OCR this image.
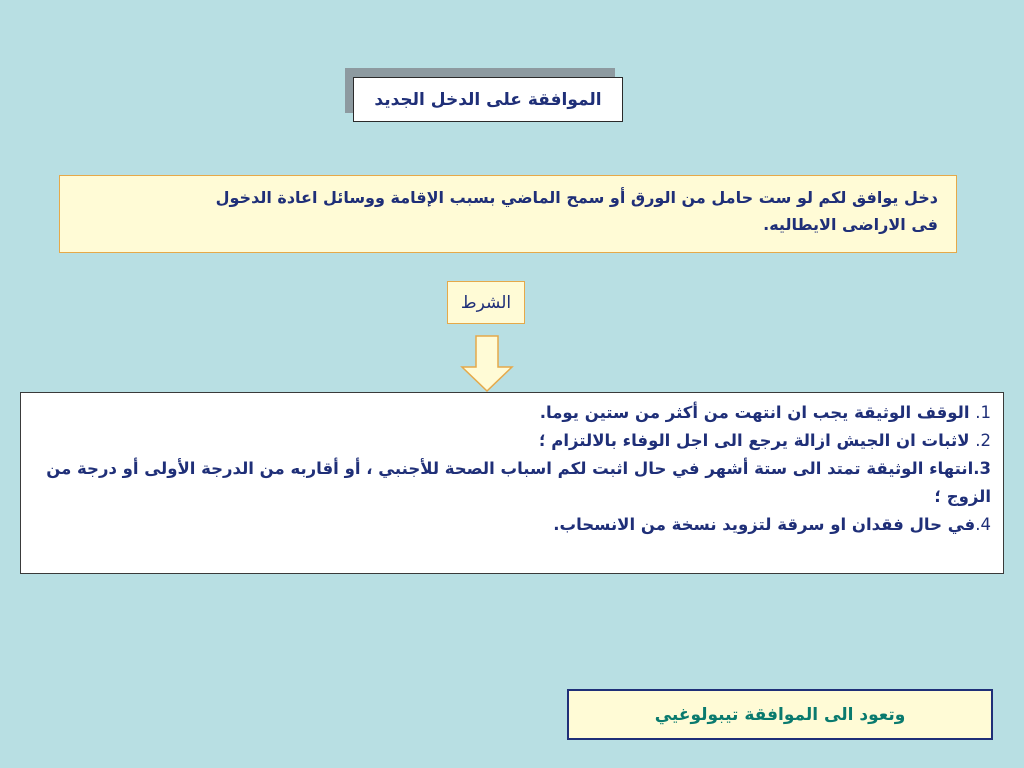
الموافقة على الدخل الجديد
دخل يوافق لكم لو ست حامل من الورق أو سمح الماضي بسبب الإقامة ووسائل اعادة الدخول
فى الاراضى الايطاليه.
الشرط
1. الوقف الوثيقة يجب ان انتهت من أكثر من ستين يوما.
2. لاثبات ان الجيش ازالة يرجع الى اجل الوفاء بالالتزام ؛
3.انتهاء الوثيقة تمتد الى ستة أشهر في حال اثبت لكم اسباب الصحة للأجنبي ، أو أقاربه من الدرجة الأولى أو درجة من الزوج ؛
4.في حال فقدان او سرقة لتزويد نسخة من الانسحاب.
وتعود الى الموافقة تيبولوغيي
